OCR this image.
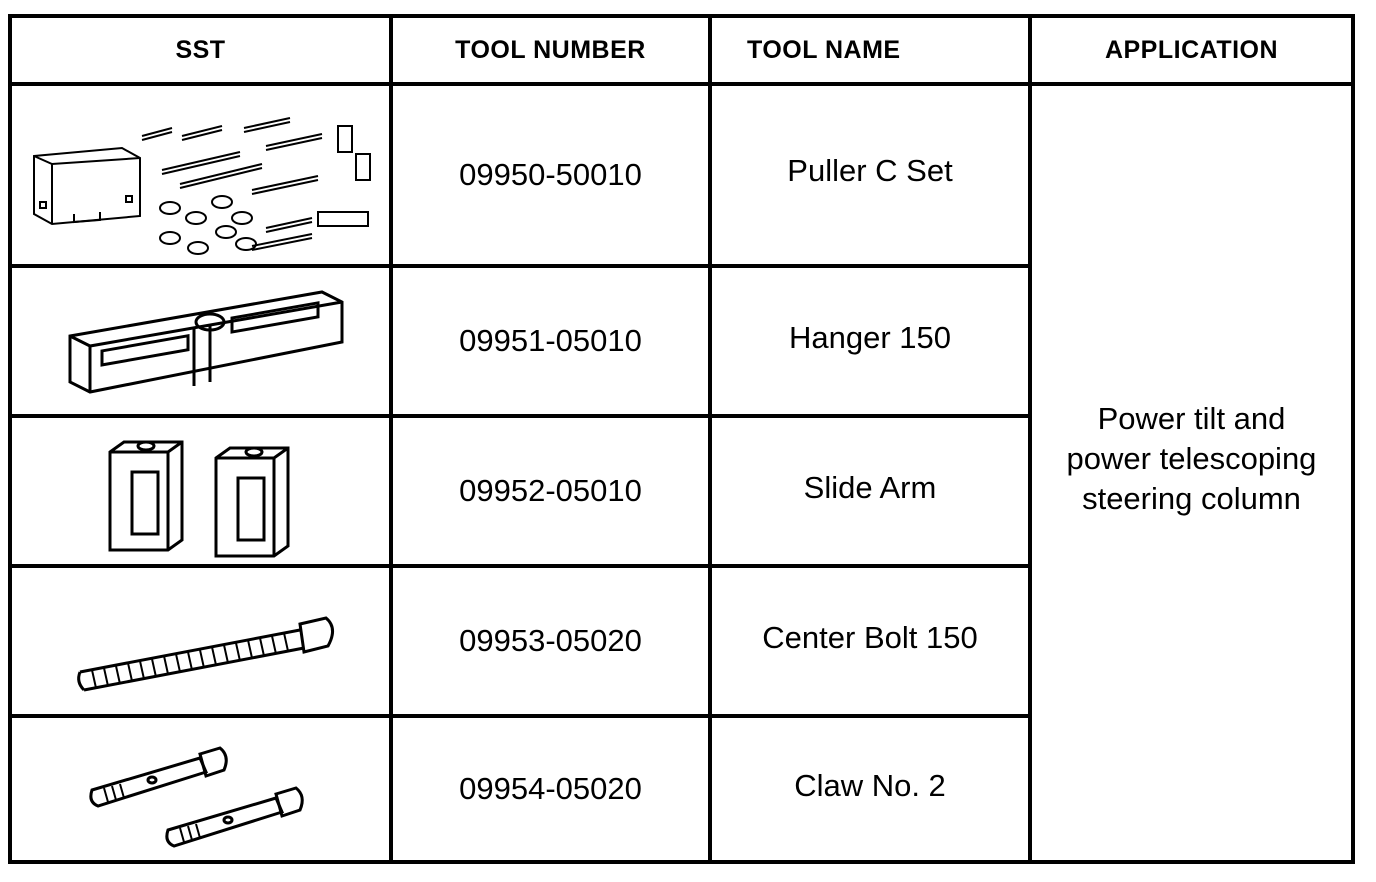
SST	TOOL NUMBER	TOOL NAME	APPLICATION
09950-50010	Puller C Set
09951-05010	Hanger 150
09952-05010	Slide Arm
09953-05020	Center Bolt 150
09954-05020	Claw No. 2
Power tilt and
power telescoping
steering column
